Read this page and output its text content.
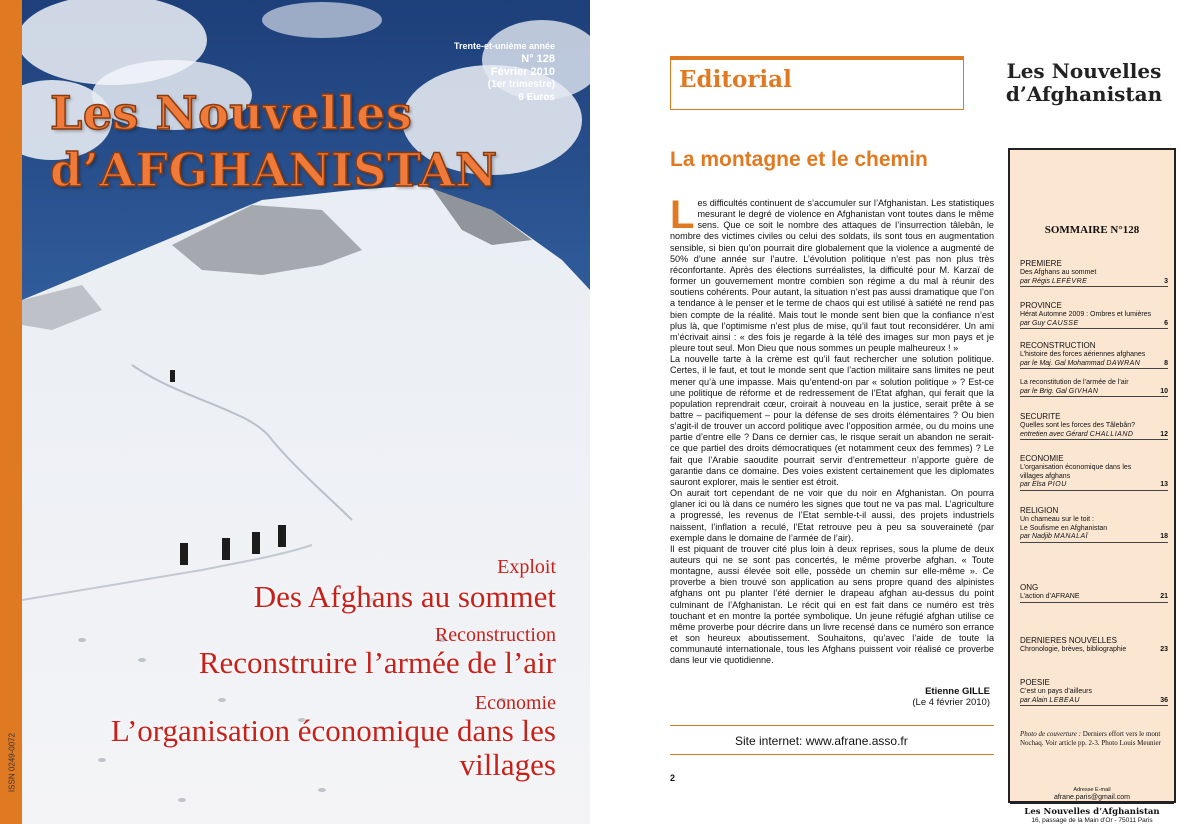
ISSN 0249-0072
Trente-et-unième année
N° 128
Février 2010
(1er trimestre)
6 Euros
Les Nouvelles
d’AFGHANISTAN
Exploit
Des Afghans au sommet
Reconstruction
Reconstruire l’armée de l’air
Economie
L’organisation économique dans les villages
Editorial
La montagne et le chemin

Les difficultés continuent de s’accumuler sur l’Afghanistan. Les statistiques mesurant le degré de violence en Afghanistan vont toutes dans le même sens. Que ce soit le nombre des attaques de l’insurrection tâlebân, le nombre des victimes civiles ou celui des soldats, ils sont tous en augmentation sensible, si bien qu’on pourrait dire globalement que la violence a augmenté de 50% d’une année sur l’autre. L’évolution politique n’est pas non plus très réconfortante. Après des élections surréalistes, la difficulté pour M. Karzaï de former un gouvernement montre combien son régime a du mal à réunir des soutiens cohérents. Pour autant, la situation n’est pas aussi dramatique que l’on a tendance à le penser et le terme de chaos qui est utilisé à satiété ne rend pas bien compte de la réalité. Mais tout le monde sent bien que la confiance n’est plus là, que l’optimisme n’est plus de mise, qu’il faut tout reconsidérer. Un ami m’écrivait ainsi : « des fois je regarde à la télé des images sur mon pays et je pleure tout seul. Mon Dieu que nous sommes un peuple malheureux ! »

La nouvelle tarte à la crème est qu’il faut rechercher une solution politique. Certes, il le faut, et tout le monde sent que l’action militaire sans limites ne peut mener qu’à une impasse. Mais qu’entend-on par « solution politique » ? Est-ce une politique de réforme et de redressement de l’Etat afghan, qui ferait que la population reprendrait cœur, croirait à nouveau en la justice, serait prête à se battre – pacifiquement – pour la défense de ses droits élémentaires ? Ou bien s’agit-il de trouver un accord politique avec l’opposition armée, ou du moins une partie d’entre elle ? Dans ce dernier cas, le risque serait un abandon ne serait-ce que partiel des droits démocratiques (et notamment ceux des femmes) ? Le fait que l’Arabie saoudite pourrait servir d’entremetteur n’apporte guère de garantie dans ce domaine. Des voies existent certainement que les diplomates sauront explorer, mais le sentier est étroit.

On aurait tort cependant de ne voir que du noir en Afghanistan. On pourra glaner ici ou là dans ce numéro les signes que tout ne va pas mal. L’agriculture a progressé, les revenus de l’Etat semble-t-il aussi, des projets industriels naissent, l’inflation a reculé, l’Etat retrouve peu à peu sa souveraineté (par exemple dans le domaine de l’armée de l’air).

Il est piquant de trouver cité plus loin à deux reprises, sous la plume de deux auteurs qui ne se sont pas concertés, le même proverbe afghan. « Toute montagne, aussi élevée soit elle, possède un chemin sur elle-même ». Ce proverbe a bien trouvé son application au sens propre quand des alpinistes afghans ont pu planter l’été dernier le drapeau afghan au-dessus du point culminant de l’Afghanistan. Le récit qui en est fait dans ce numéro est très touchant et en montre la portée symbolique. Un jeune réfugié afghan utilise ce même proverbe pour décrire dans un livre recensé dans ce numéro son errance et son heureux aboutissement. Souhaitons, qu’avec l’aide de toute la communauté internationale, tous les Afghans puissent voir réalisé ce proverbe dans leur vie quotidienne.

Etienne GILLE
(Le 4 février 2010)
Site internet: www.afrane.asso.fr
2
Les Nouvelles
d’Afghanistan
SOMMAIRE N°128
PREMIERE
Des Afghans au sommet
par Régis LEFÈVRE	3
PROVINCE
Hérat Automne 2009 : Ombres et lumières
par Guy CAUSSE	6
RECONSTRUCTION
L’histoire des forces aériennes afghanes
par le Maj. Gal Mohammad DAWRAN	8
La reconstitution de l’armée de l’air
par le Brig. Gal GIVHAN	10
SECURITE
Quelles sont les forces des Tâlebân?
entretien avec Gérard CHALLIAND	12
ECONOMIE
L’organisation économique dans les
villages afghans
par Elsa PIOU	13
RELIGION
Un chameau sur le toit :
Le Soufisme en Afghanistan
par Nadjib MANALAÏ	18
ONG
L’action d’AFRANE	21
DERNIERES NOUVELLES
Chronologie, brèves, bibliographie	23
POESIE
C’est un pays d’ailleurs
par Alain LEBEAU	36
Photo de couverture : Derniers effort vers le mont Nochaq. Voir article pp. 2-3. Photo Louis Meunier
Adresse E-mail
afrane.paris@gmail.com
Les Nouvelles d’Afghanistan
16, passage de la Main d’Or - 75011 Paris
